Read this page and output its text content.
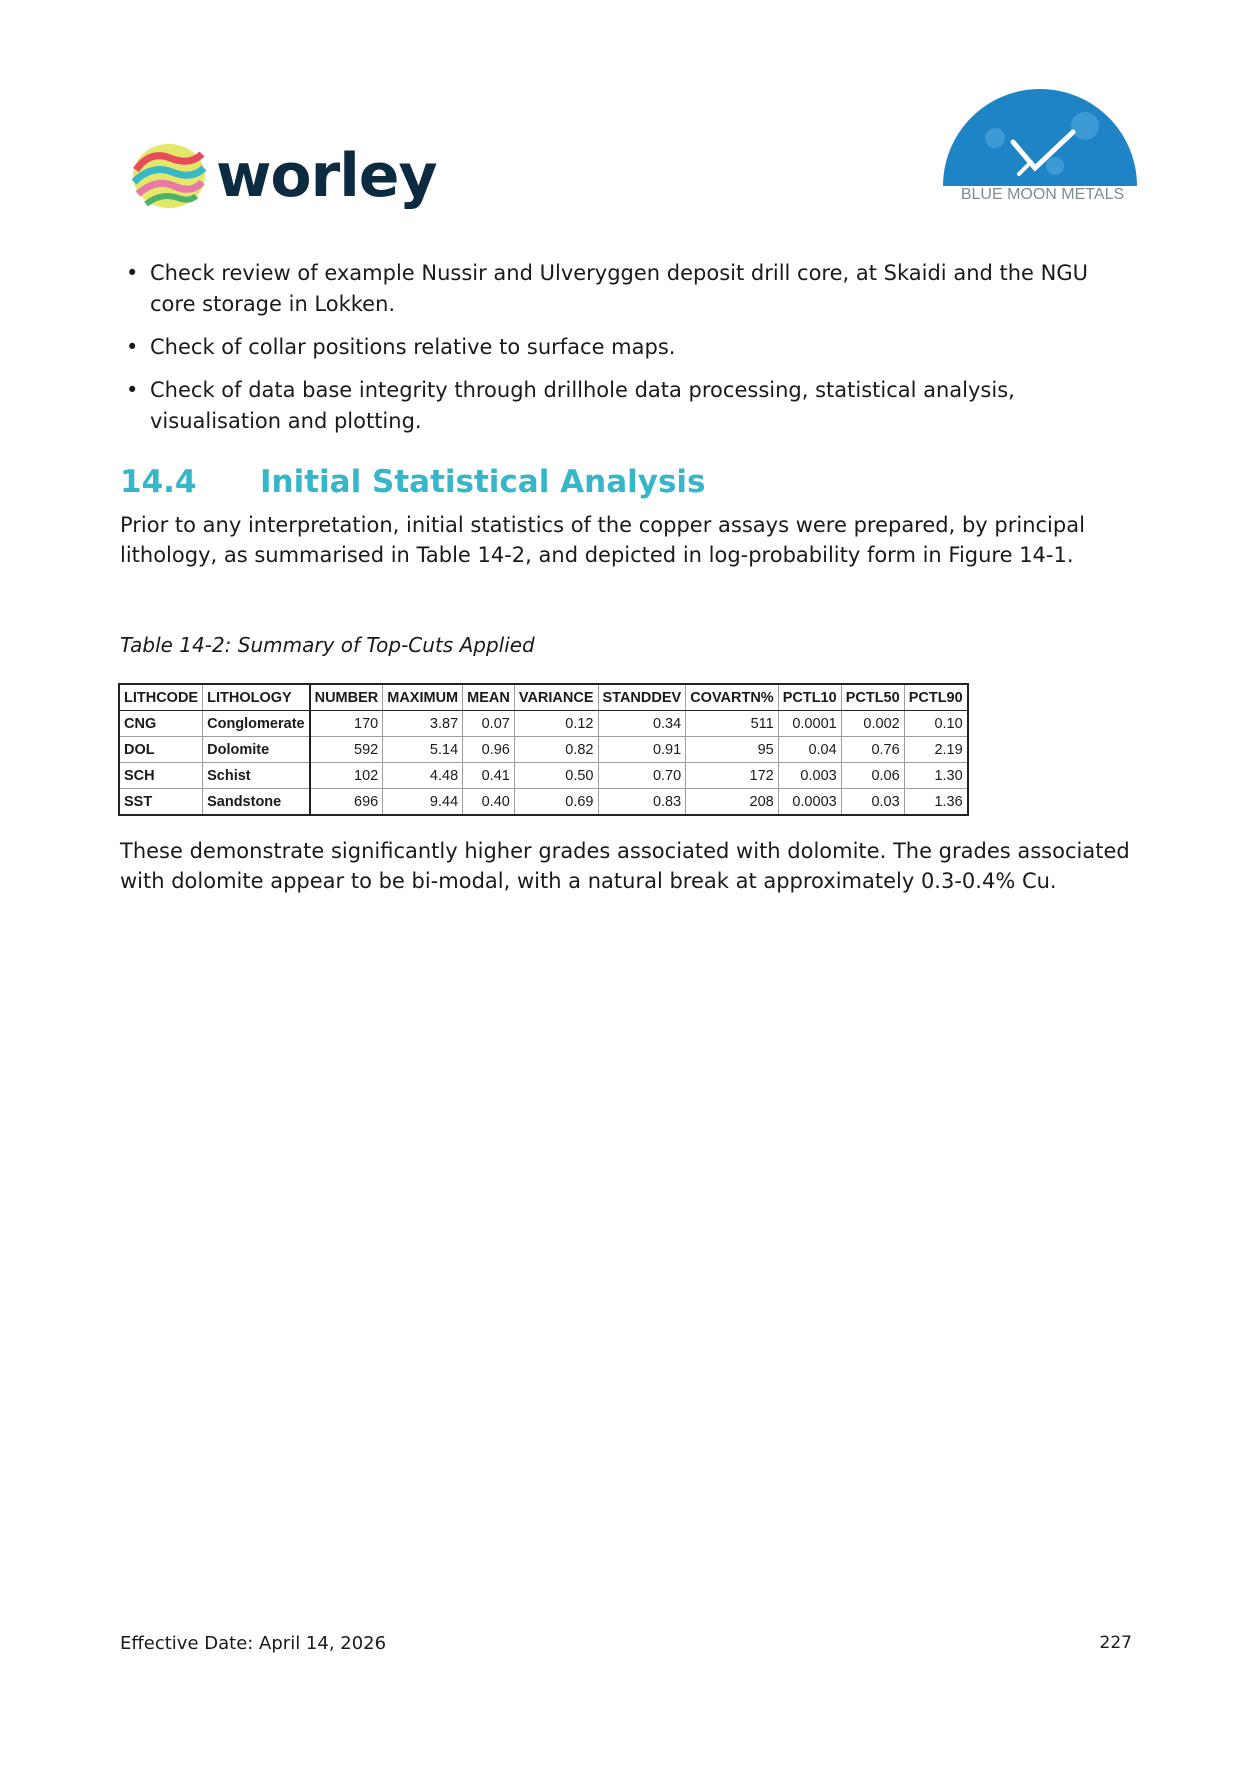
worley	BLUE MOON METALS
• Check review of example Nussir and Ulveryggen deposit drill core, at Skaidi and the NGU core storage in Lokken.
• Check of collar positions relative to surface maps.
• Check of data base integrity through drillhole data processing, statistical analysis, visualisation and plotting.
14.4	Initial Statistical Analysis

Prior to any interpretation, initial statistics of the copper assays were prepared, by principal lithology, as summarised in Table 14-2, and depicted in log-probability form in Figure 14-1.

Table 14-2: Summary of Top-Cuts Applied
LITHCODE	LITHOLOGY	NUMBER	MAXIMUM	MEAN	VARIANCE	STANDDEV	COVARTN%	PCTL10	PCTL50	PCTL90
CNG	Conglomerate	170	3.87	0.07	0.12	0.34	511	0.0001	0.002	0.10
DOL	Dolomite	592	5.14	0.96	0.82	0.91	95	0.04	0.76	2.19
SCH	Schist	102	4.48	0.41	0.50	0.70	172	0.003	0.06	1.30
SST	Sandstone	696	9.44	0.40	0.69	0.83	208	0.0003	0.03	1.36

These demonstrate significantly higher grades associated with dolomite. The grades associated with dolomite appear to be bi-modal, with a natural break at approximately 0.3-0.4% Cu.

Effective Date: April 14, 2026	227
